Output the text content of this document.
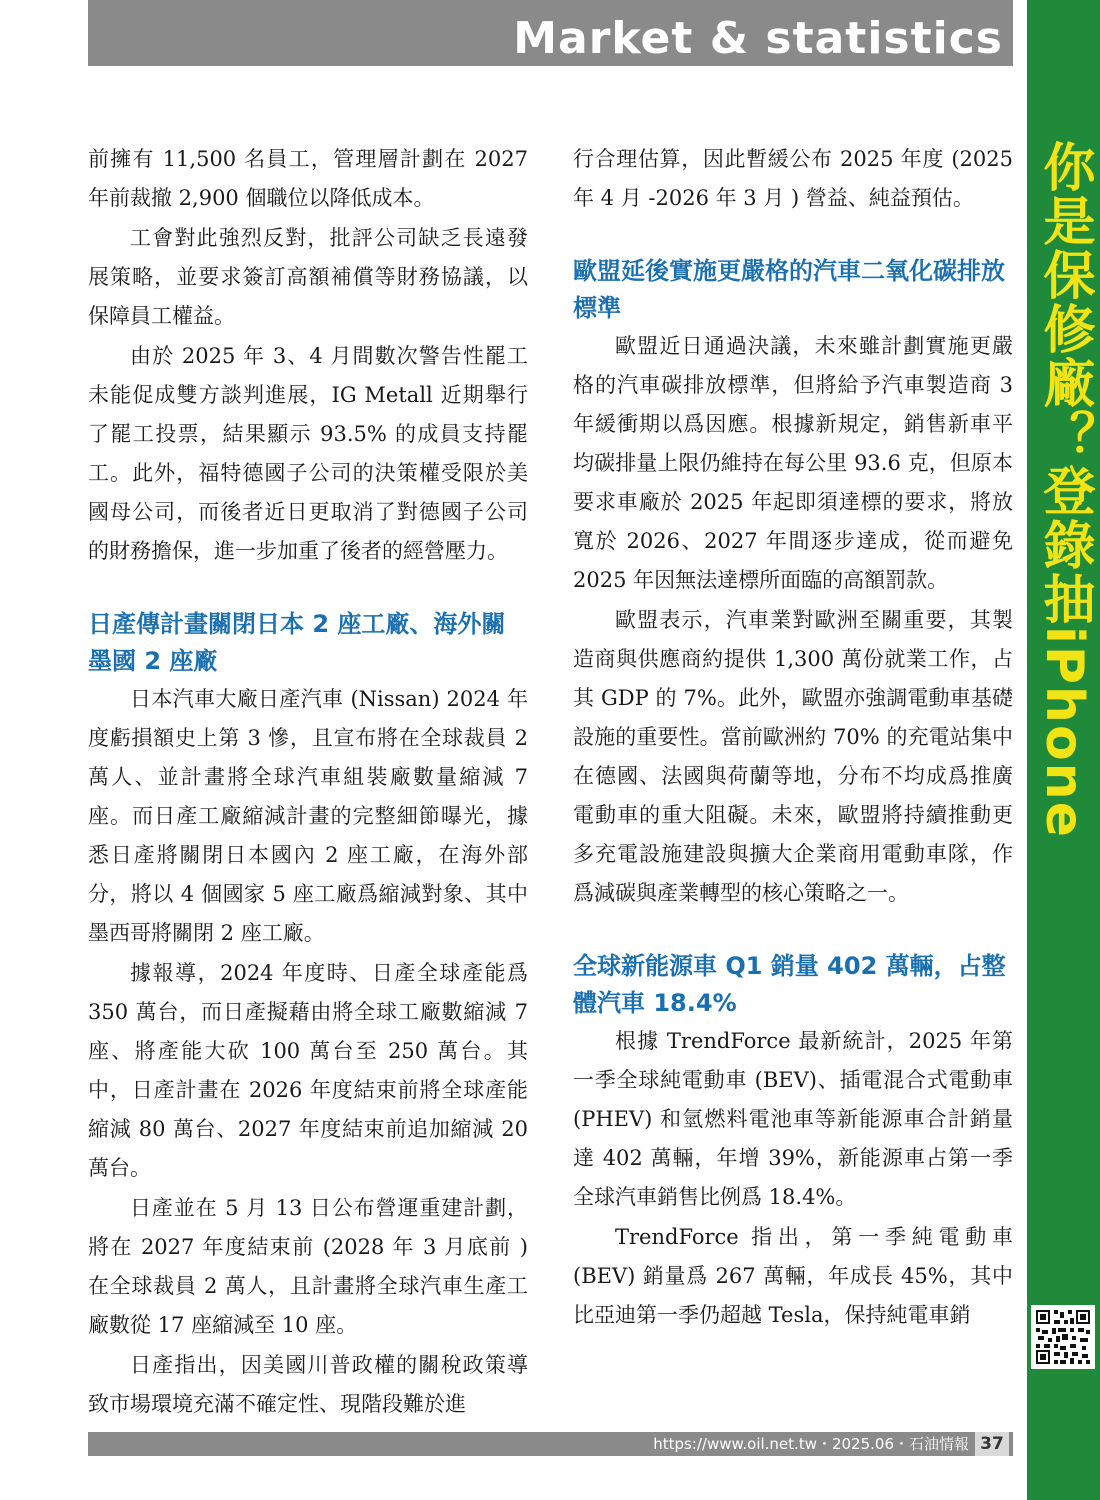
Market & statistics

前擁有 11,500 名員工，管理層計劃在 2027 年前裁撤 2,900 個職位以降低成本。

工會對此強烈反對，批評公司缺乏長遠發展策略，並要求簽訂高額補償等財務協議，以保障員工權益。

由於 2025 年 3、4 月間數次警告性罷工未能促成雙方談判進展，IG Metall 近期舉行了罷工投票，結果顯示 93.5% 的成員支持罷工。此外，福特德國子公司的決策權受限於美國母公司，而後者近日更取消了對德國子公司的財務擔保，進一步加重了後者的經營壓力。

日產傳計畫關閉日本 2 座工廠、海外關墨國 2 座廠

日本汽車大廠日產汽車 (Nissan) 2024 年度虧損額史上第 3 慘，且宣布將在全球裁員 2 萬人、並計畫將全球汽車組裝廠數量縮減 7 座。而日產工廠縮減計畫的完整細節曝光，據悉日產將關閉日本國內 2 座工廠，在海外部分，將以 4 個國家 5 座工廠爲縮減對象、其中墨西哥將關閉 2 座工廠。

據報導，2024 年度時、日產全球產能爲 350 萬台，而日產擬藉由將全球工廠數縮減 7 座、將產能大砍 100 萬台至 250 萬台。其中，日產計畫在 2026 年度結束前將全球產能縮減 80 萬台、2027 年度結束前追加縮減 20 萬台。

日產並在 5 月 13 日公布營運重建計劃，將在 2027 年度結束前 (2028 年 3 月底前 ) 在全球裁員 2 萬人，且計畫將全球汽車生產工廠數從 17 座縮減至 10 座。

日產指出，因美國川普政權的關稅政策導致市場環境充滿不確定性、現階段難於進

行合理估算，因此暫緩公布 2025 年度 (2025 年 4 月 -2026 年 3 月 ) 營益、純益預估。

歐盟延後實施更嚴格的汽車二氧化碳排放標準

歐盟近日通過決議，未來雖計劃實施更嚴格的汽車碳排放標準，但將給予汽車製造商 3 年緩衝期以爲因應。根據新規定，銷售新車平均碳排量上限仍維持在每公里 93.6 克，但原本要求車廠於 2025 年起即須達標的要求，將放寬於 2026、2027 年間逐步達成，從而避免 2025 年因無法達標所面臨的高額罰款。

歐盟表示，汽車業對歐洲至關重要，其製造商與供應商約提供 1,300 萬份就業工作，占其 GDP 的 7%。此外，歐盟亦強調電動車基礎設施的重要性。當前歐洲約 70% 的充電站集中在德國、法國與荷蘭等地，分布不均成爲推廣電動車的重大阻礙。未來，歐盟將持續推動更多充電設施建設與擴大企業商用電動車隊，作爲減碳與產業轉型的核心策略之一。

全球新能源車 Q1 銷量 402 萬輛，占整體汽車 18.4%

根據 TrendForce 最新統計，2025 年第一季全球純電動車 (BEV)、插電混合式電動車 (PHEV) 和氫燃料電池車等新能源車合計銷量達 402 萬輛，年增 39%，新能源車占第一季全球汽車銷售比例爲 18.4%。

TrendForce 指出，第一季純電動車 (BEV) 銷量爲 267 萬輛，年成長 45%，其中比亞迪第一季仍超越 Tesla，保持純電車銷

你是保修廠？登錄抽iPhone
https://www.oil.net.tw・2025.06・石油情報 37
